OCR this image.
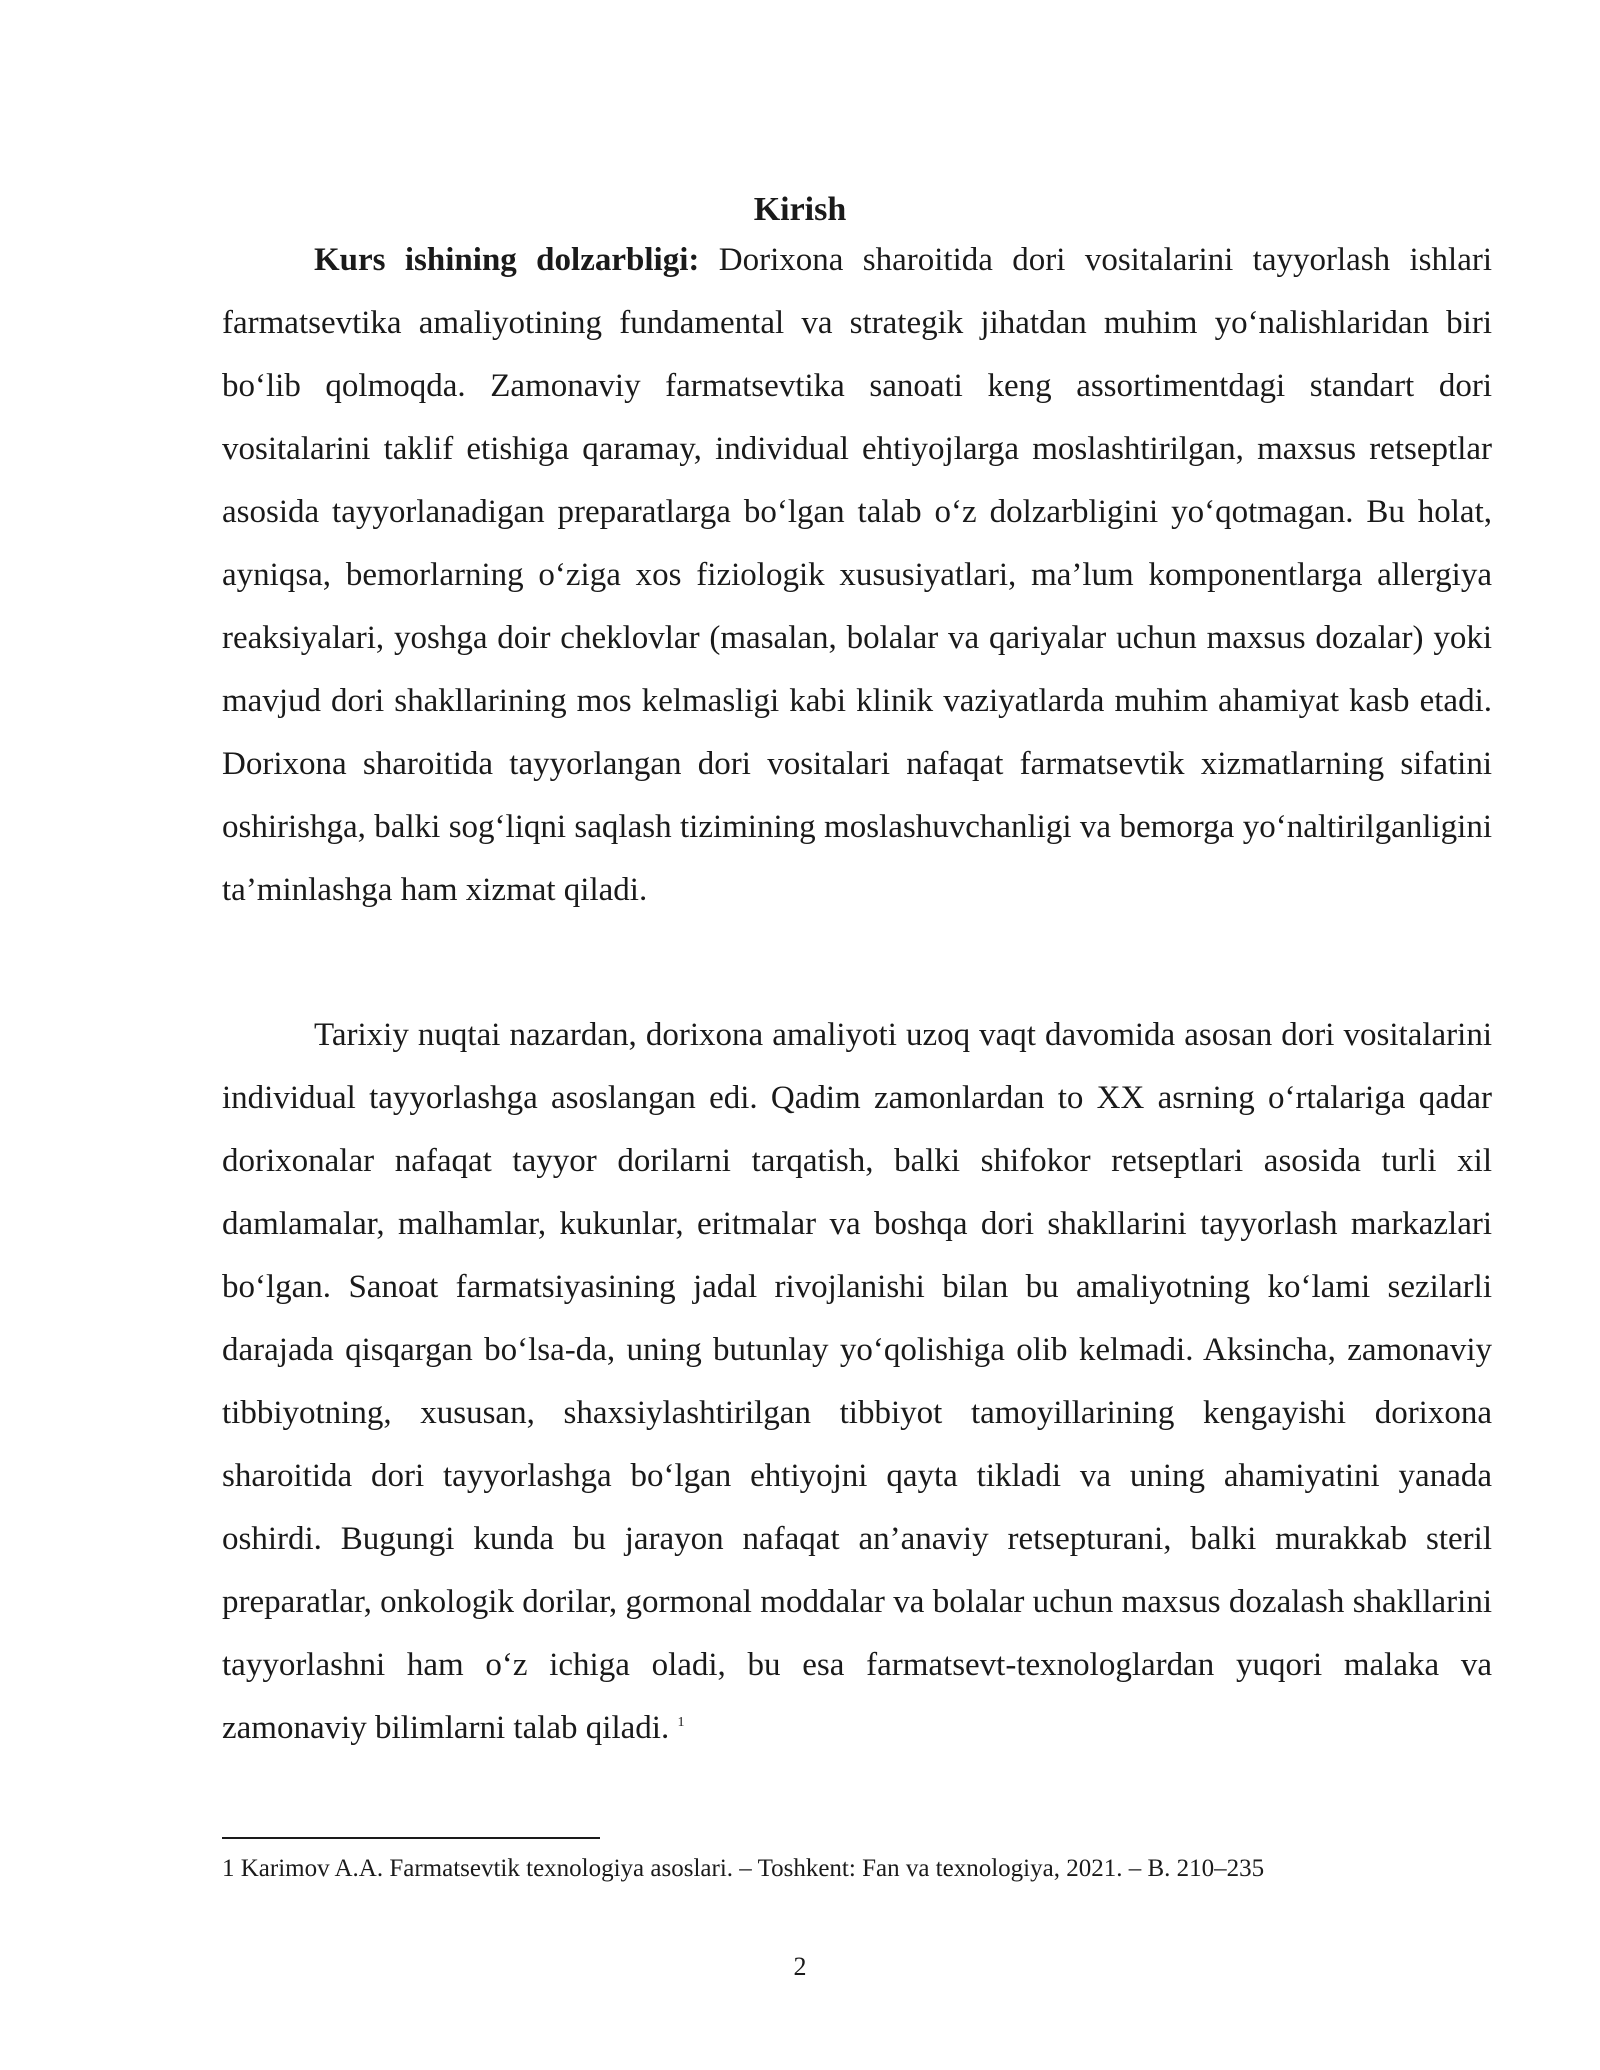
Kirish

Kurs ishining dolzarbligi: Dorixona sharoitida dori vositalarini tayyorlash ishlari farmatsevtika amaliyotining fundamental va strategik jihatdan muhim yo‘nalishlaridan biri bo‘lib qolmoqda. Zamonaviy farmatsevtika sanoati keng assortimentdagi standart dori vositalarini taklif etishiga qaramay, individual ehtiyojlarga moslashtirilgan, maxsus retseptlar asosida tayyorlanadigan preparatlarga bo‘lgan talab o‘z dolzarbligini yo‘qotmagan. Bu holat, ayniqsa, bemorlarning o‘ziga xos fiziologik xususiyatlari, ma’lum komponentlarga allergiya reaksiyalari, yoshga doir cheklovlar (masalan, bolalar va qariyalar uchun maxsus dozalar) yoki mavjud dori shakllarining mos kelmasligi kabi klinik vaziyatlarda muhim ahamiyat kasb etadi. Dorixona sharoitida tayyorlangan dori vositalari nafaqat farmatsevtik xizmatlarning sifatini oshirishga, balki sog‘liqni saqlash tizimining moslashuvchanligi va bemorga yo‘naltirilganligini ta’minlashga ham xizmat qiladi.

Tarixiy nuqtai nazardan, dorixona amaliyoti uzoq vaqt davomida asosan dori vositalarini individual tayyorlashga asoslangan edi. Qadim zamonlardan to XX asrning o‘rtalariga qadar dorixonalar nafaqat tayyor dorilarni tarqatish, balki shifokor retseptlari asosida turli xil damlamalar, malhamlar, kukunlar, eritmalar va boshqa dori shakllarini tayyorlash markazlari bo‘lgan. Sanoat farmatsiyasining jadal rivojlanishi bilan bu amaliyotning ko‘lami sezilarli darajada qisqargan bo‘lsa-da, uning butunlay yo‘qolishiga olib kelmadi. Aksincha, zamonaviy tibbiyotning, xususan, shaxsiylashtirilgan tibbiyot tamoyillarining kengayishi dorixona sharoitida dori tayyorlashga bo‘lgan ehtiyojni qayta tikladi va uning ahamiyatini yanada oshirdi. Bugungi kunda bu jarayon nafaqat an’anaviy retsepturani, balki murakkab steril preparatlar, onkologik dorilar, gormonal moddalar va bolalar uchun maxsus dozalash shakllarini tayyorlashni ham o‘z ichiga oladi, bu esa farmatsevt-texnologlardan yuqori malaka va zamonaviy bilimlarni talab qiladi. $^1$

1 Karimov A.A. Farmatsevtik texnologiya asoslari. – Toshkent: Fan va texnologiya, 2021. – B. 210–235

2
